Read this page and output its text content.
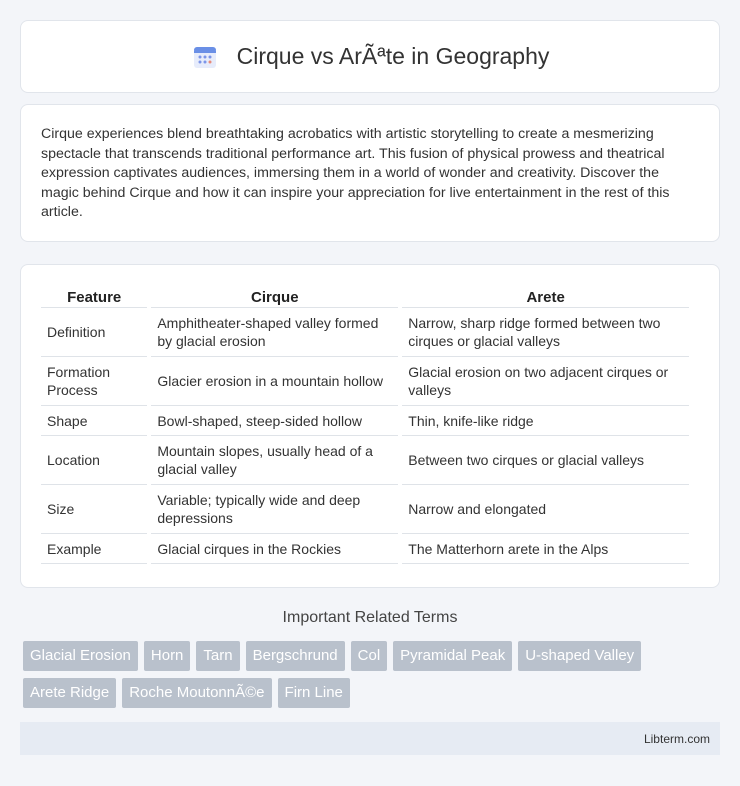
Cirque vs ArÃªte in Geography

Cirque experiences blend breathtaking acrobatics with artistic storytelling to create a mesmerizing spectacle that transcends traditional performance art. This fusion of physical prowess and theatrical expression captivates audiences, immersing them in a world of wonder and creativity. Discover the magic behind Cirque and how it can inspire your appreciation for live entertainment in the rest of this article.

Feature	Cirque	Arete
Definition	Amphitheater-shaped valley formed by glacial erosion	Narrow, sharp ridge formed between two cirques or glacial valleys
Formation Process	Glacier erosion in a mountain hollow	Glacial erosion on two adjacent cirques or valleys
Shape	Bowl-shaped, steep-sided hollow	Thin, knife-like ridge
Location	Mountain slopes, usually head of a glacial valley	Between two cirques or glacial valleys
Size	Variable; typically wide and deep depressions	Narrow and elongated
Example	Glacial cirques in the Rockies	The Matterhorn arete in the Alps
Important Related Terms
Glacial Erosion	Horn	Tarn	Bergschrund	Col	Pyramidal Peak	U-shaped Valley
Arete Ridge	Roche MoutonnÃ©e	Firn Line
Libterm.com
